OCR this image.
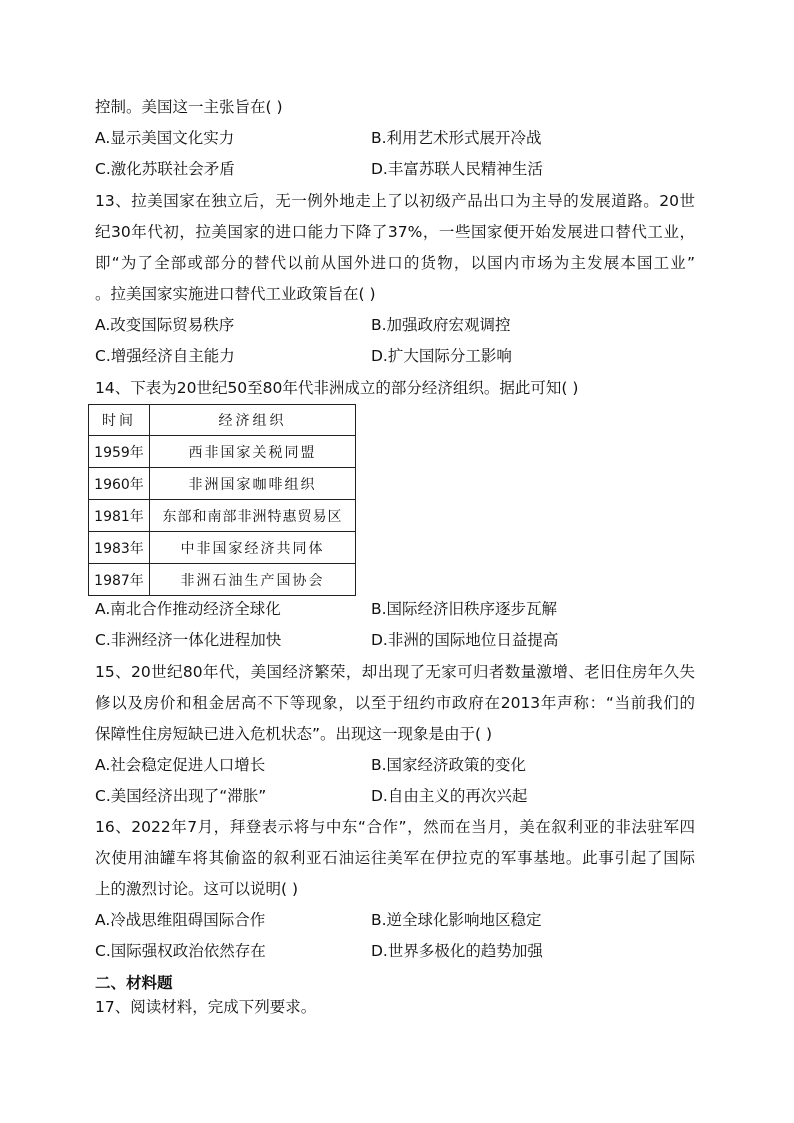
控制。美国这一主张旨在( )
A.显示美国文化实力	B.利用艺术形式展开冷战
C.激化苏联社会矛盾	D.丰富苏联人民精神生活
13、拉美国家在独立后，无一例外地走上了以初级产品出口为主导的发展道路。20世
纪30年代初，拉美国家的进口能力下降了37%，一些国家便开始发展进口替代工业，
即“为了全部或部分的替代以前从国外进口的货物，以国内市场为主发展本国工业”
。拉美国家实施进口替代工业政策旨在( )
A.改变国际贸易秩序	B.加强政府宏观调控
C.增强经济自主能力	D.扩大国际分工影响
14、下表为20世纪50至80年代非洲成立的部分经济组织。据此可知( )
时间	经济组织
1959年	西非国家关税同盟
1960年	非洲国家咖啡组织
1981年	东部和南部非洲特惠贸易区
1983年	中非国家经济共同体
1987年	非洲石油生产国协会
A.南北合作推动经济全球化	B.国际经济旧秩序逐步瓦解
C.非洲经济一体化进程加快	D.非洲的国际地位日益提高
15、20世纪80年代，美国经济繁荣，却出现了无家可归者数量激增、老旧住房年久失
修以及房价和租金居高不下等现象，以至于纽约市政府在2013年声称：“当前我们的
保障性住房短缺已进入危机状态”。出现这一现象是由于( )
A.社会稳定促进人口增长	B.国家经济政策的变化
C.美国经济出现了“滞胀”	D.自由主义的再次兴起
16、2022年7月，拜登表示将与中东“合作”，然而在当月，美在叙利亚的非法驻军四
次使用油罐车将其偷盗的叙利亚石油运往美军在伊拉克的军事基地。此事引起了国际
上的激烈讨论。这可以说明( )
A.冷战思维阻碍国际合作	B.逆全球化影响地区稳定
C.国际强权政治依然存在	D.世界多极化的趋势加强
二、材料题
17、阅读材料，完成下列要求。
